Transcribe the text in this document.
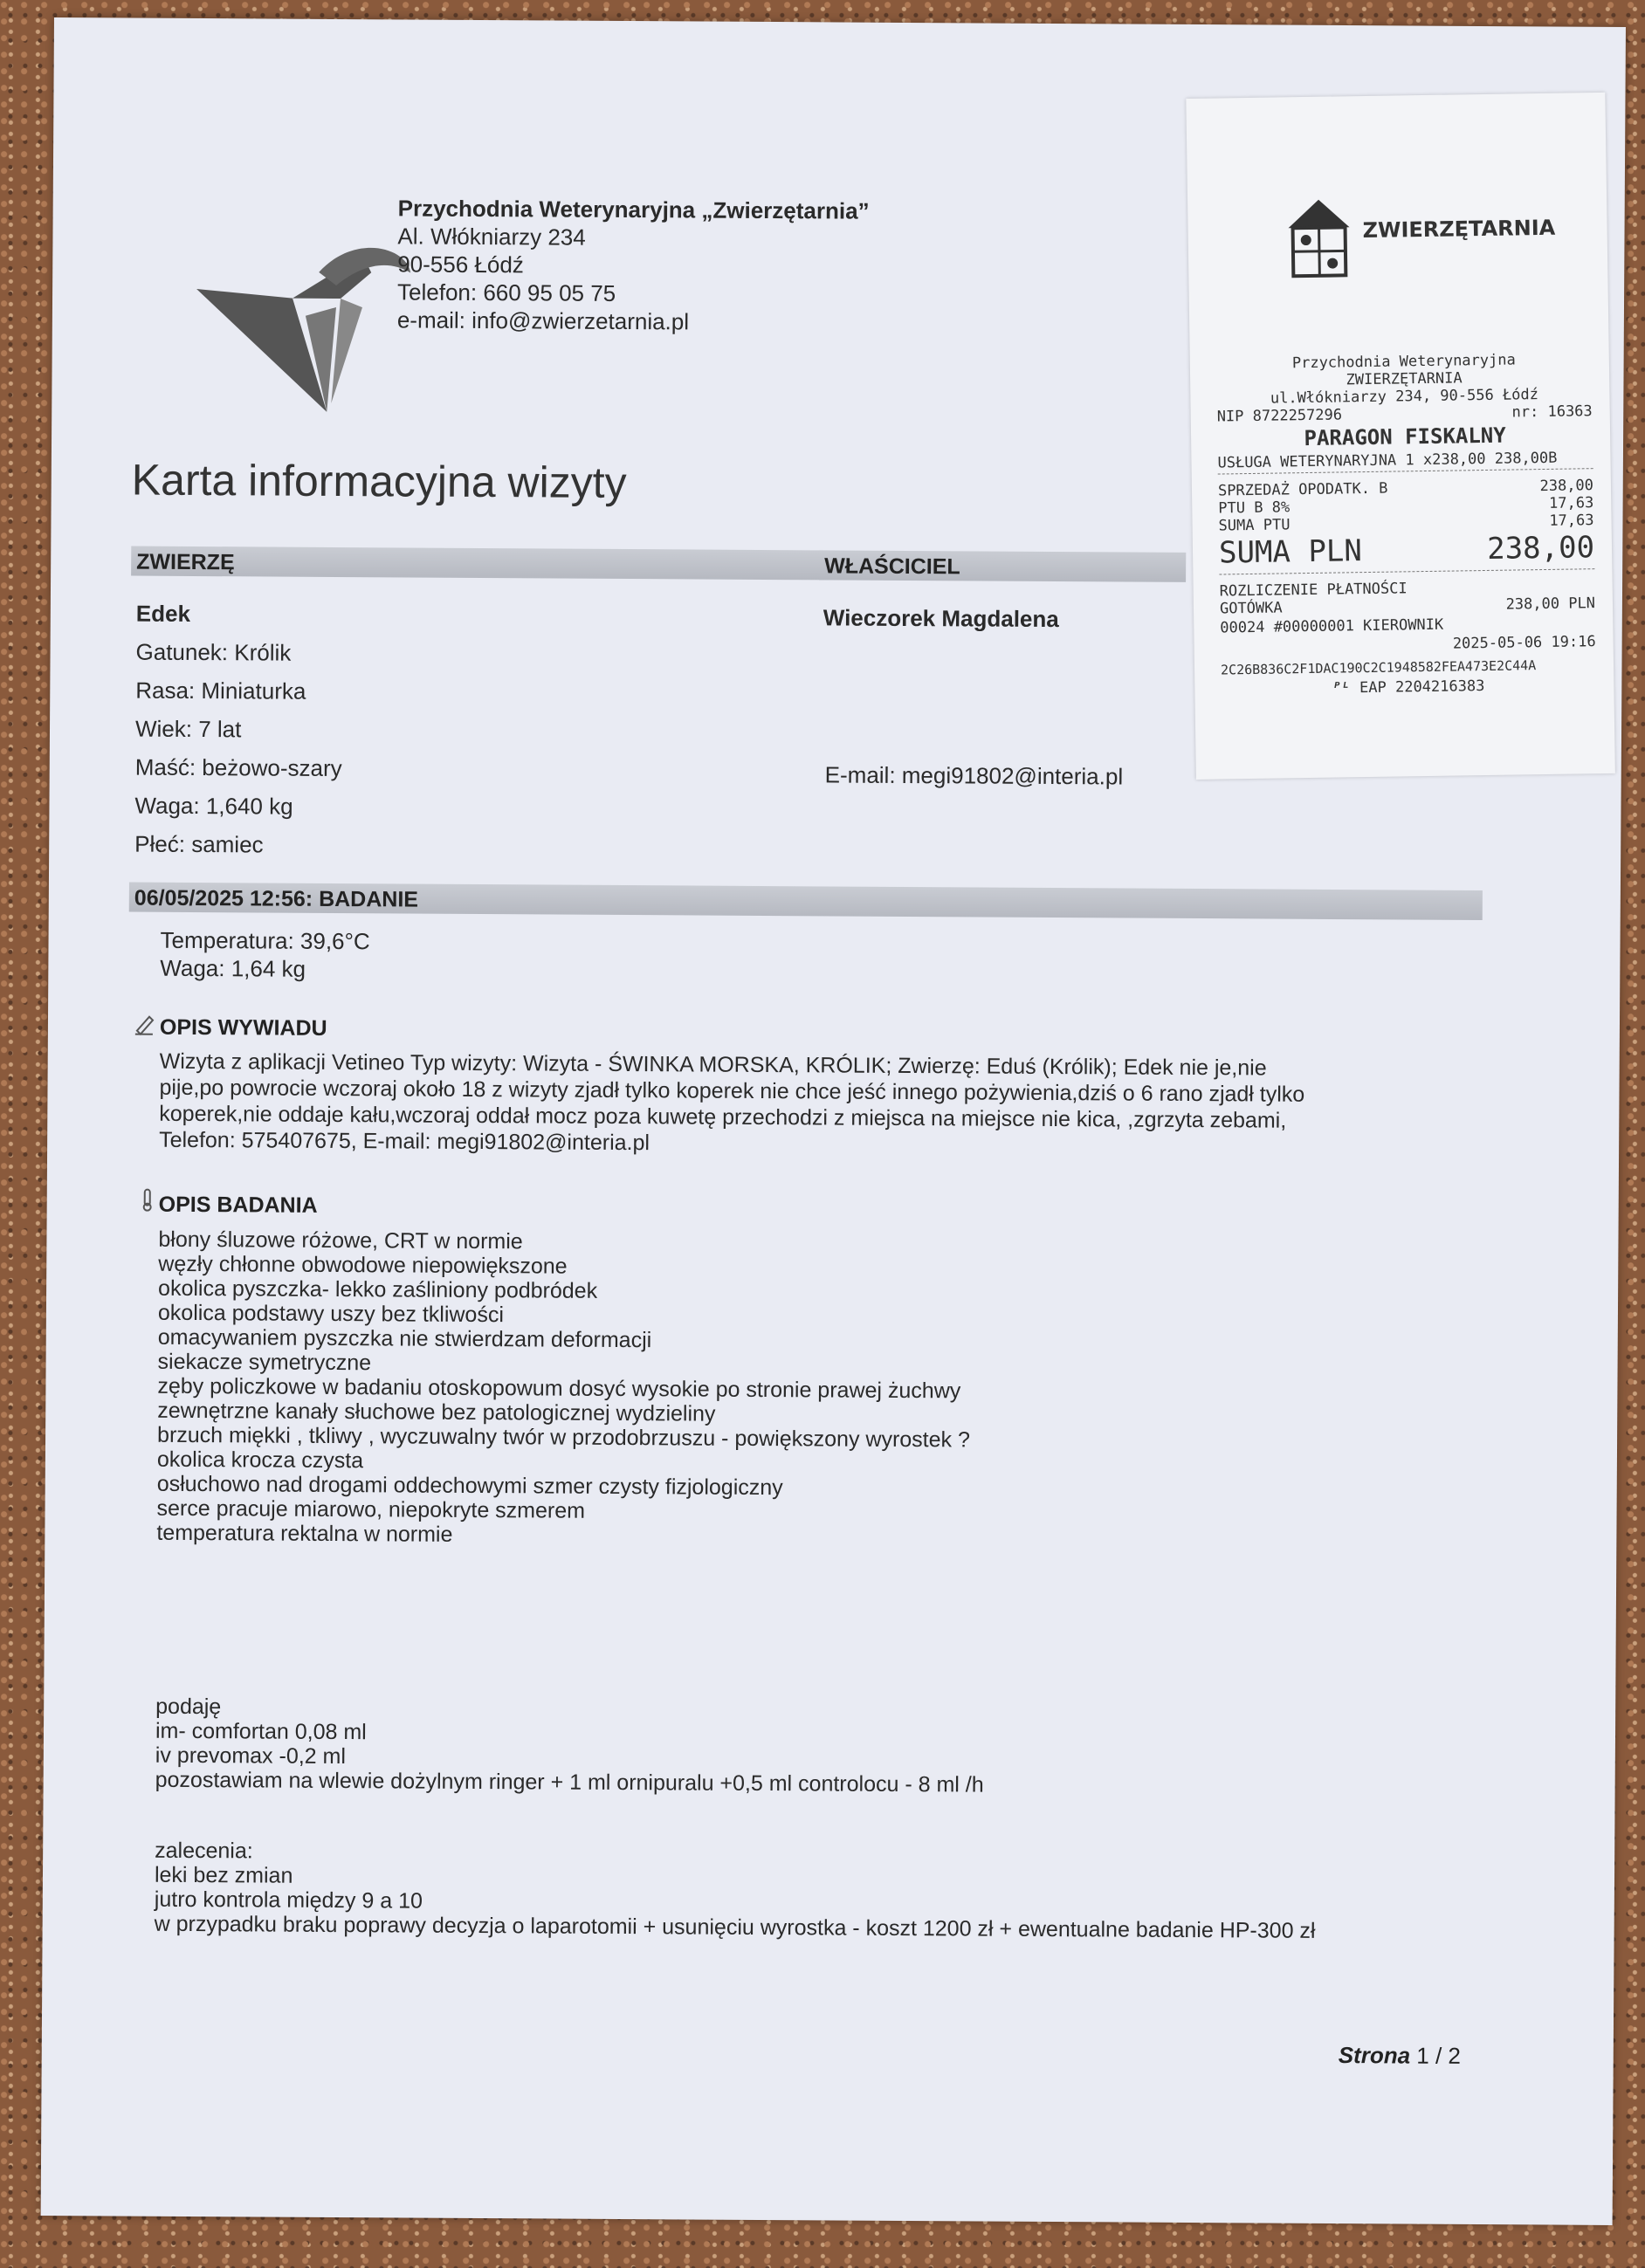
Przychodnia Weterynaryjna „Zwierzętarnia”
Al. Włókniarzy 234
90-556 Łódź
Telefon: 660 95 05 75
e-mail: info@zwierzetarnia.pl
Karta informacyjna wizyty
ZWIERZĘ
Edek
Gatunek: Królik
Rasa: Miniaturka
Wiek: 7 lat
Maść: beżowo-szary
Waga: 1,640 kg
Płeć: samiec
WŁAŚCICIEL
Wieczorek Magdalena
E-mail: megi91802@interia.pl
06/05/2025 12:56: BADANIE
Temperatura: 39,6°C
Waga: 1,64 kg
OPIS WYWIADU
Wizyta z aplikacji Vetineo Typ wizyty: Wizyta - ŚWINKA MORSKA, KRÓLIK; Zwierzę: Eduś (Królik); Edek nie je,nie
pije,po powrocie wczoraj około 18 z wizyty zjadł tylko koperek nie chce jeść innego pożywienia,dziś o 6 rano zjadł tylko
koperek,nie oddaje kału,wczoraj oddał mocz poza kuwetę przechodzi z miejsca na miejsce nie kica, ,zgrzyta zebami,
Telefon: 575407675, E-mail: megi91802@interia.pl
OPIS BADANIA
błony śluzowe różowe, CRT w normie
węzły chłonne obwodowe niepowiększone
okolica pyszczka- lekko zaśliniony podbródek
okolica podstawy uszy bez tkliwości
omacywaniem pyszczka nie stwierdzam deformacji
siekacze symetryczne
zęby policzkowe w badaniu otoskopowum dosyć wysokie po stronie prawej żuchwy
zewnętrzne kanały słuchowe bez patologicznej wydzieliny
brzuch miękki , tkliwy , wyczuwalny twór w przodobrzuszu - powiększony wyrostek ?
okolica krocza czysta
osłuchowo nad drogami oddechowymi szmer czysty fizjologiczny
serce pracuje miarowo, niepokryte szmerem
temperatura rektalna w normie
podaję
im- comfortan 0,08 ml
iv prevomax -0,2 ml
pozostawiam na wlewie dożylnym ringer + 1 ml ornipuralu +0,5 ml controlocu - 8 ml /h
zalecenia:
leki bez zmian
jutro kontrola między 9 a 10
w przypadku braku poprawy decyzja o laparotomii + usunięciu wyrostka - koszt 1200 zł + ewentualne badanie HP-300 zł
Strona 1 / 2
ZWIERZĘTARNIA
Przychodnia Weterynaryjna
ZWIERZĘTARNIA
ul.Włókniarzy 234, 90-556 Łódź
NIP 8722257296	nr: 16363
PARAGON FISKALNY
USŁUGA WETERYNARYJNA 1 x238,00 238,00B
SPRZEDAŻ OPODATK. B	238,00
PTU B 8%	17,63
SUMA PTU	17,63
SUMA PLN	238,00
ROZLICZENIE PŁATNOŚCI
GOTÓWKA	238,00 PLN
00024 #00000001 KIEROWNIK
2025-05-06 19:16
2C26B836C2F1DAC190C2C1948582FEA473E2C44A
ᴾᴸ EAP 2204216383
